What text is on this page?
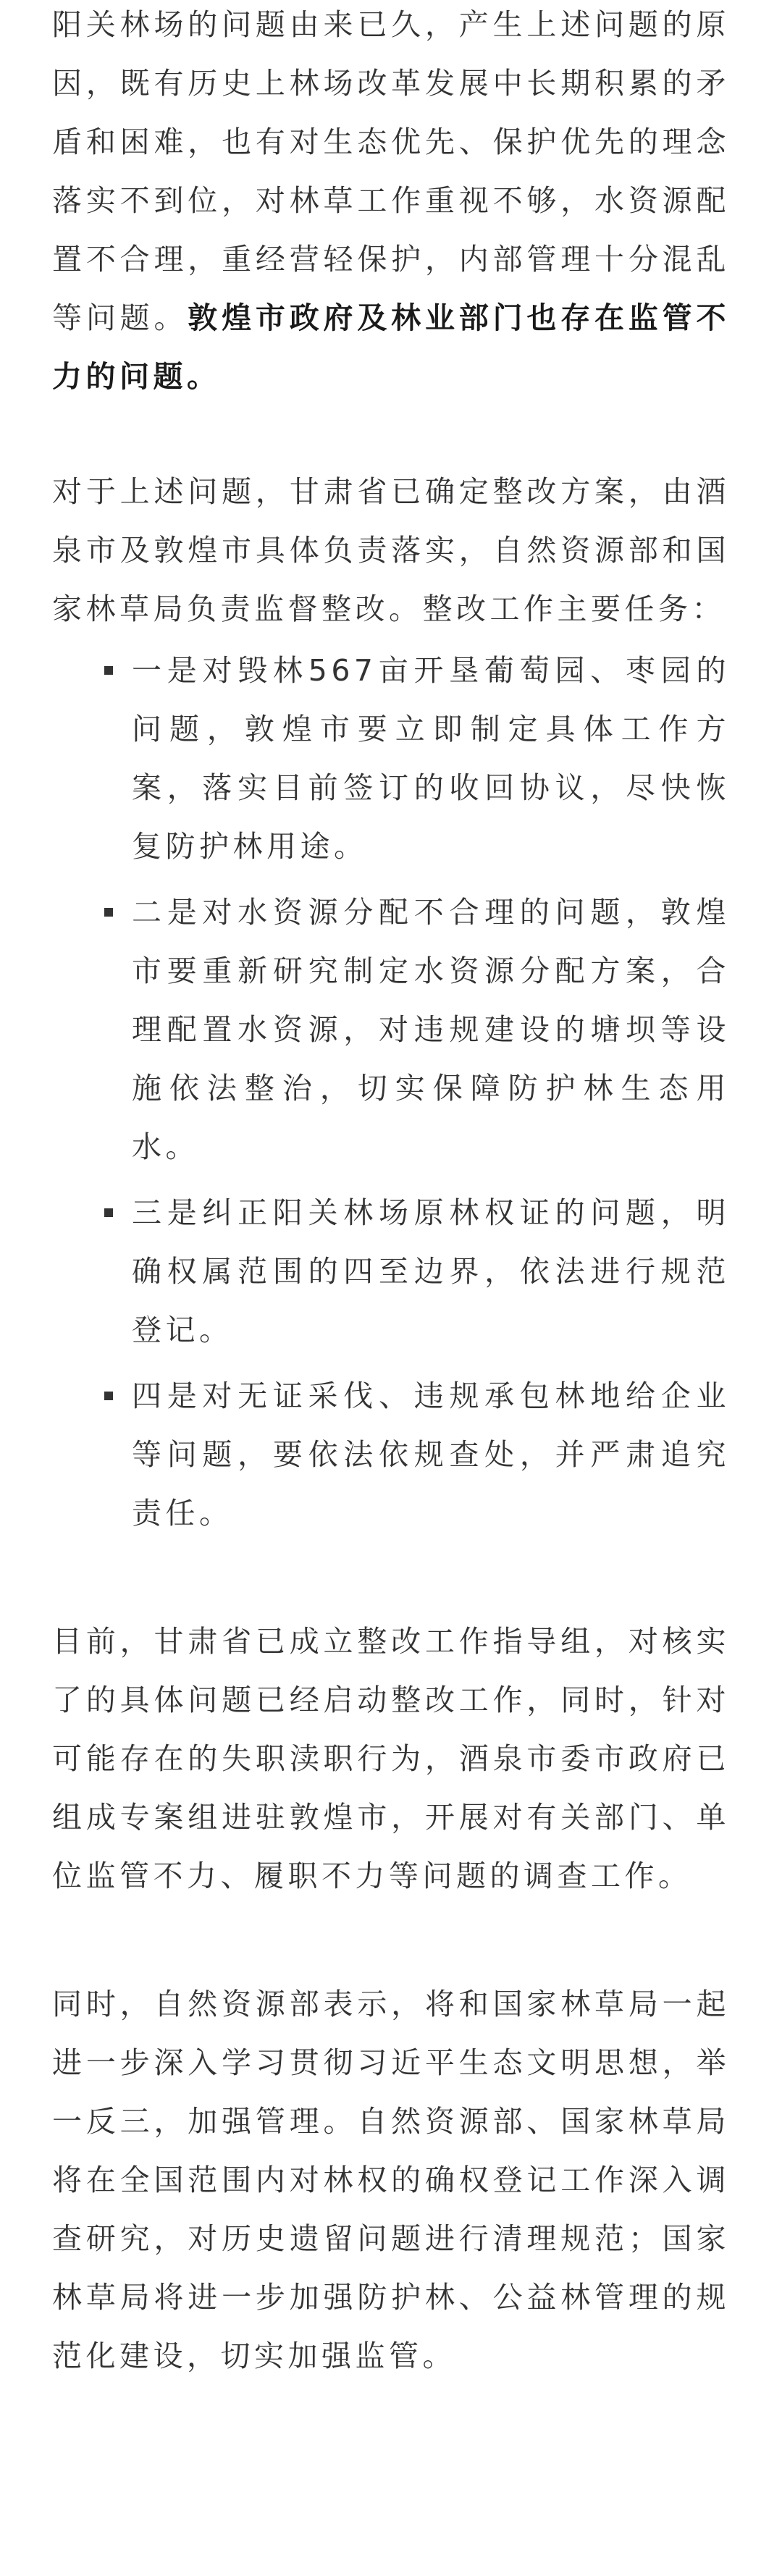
阳关林场的问题由来已久，产生上述问题的原因，既有历史上林场改革发展中长期积累的矛盾和困难，也有对生态优先、保护优先的理念落实不到位，对林草工作重视不够，水资源配置不合理，重经营轻保护，内部管理十分混乱等问题。敦煌市政府及林业部门也存在监管不力的问题。

对于上述问题，甘肃省已确定整改方案，由酒泉市及敦煌市具体负责落实，自然资源部和国家林草局负责监督整改。整改工作主要任务：

一是对毁林567亩开垦葡萄园、枣园的问题，敦煌市要立即制定具体工作方案，落实目前签订的收回协议，尽快恢复防护林用途。
二是对水资源分配不合理的问题，敦煌市要重新研究制定水资源分配方案，合理配置水资源，对违规建设的塘坝等设施依法整治，切实保障防护林生态用水。
三是纠正阳关林场原林权证的问题，明确权属范围的四至边界，依法进行规范登记。
四是对无证采伐、违规承包林地给企业等问题，要依法依规查处，并严肃追究责任。

目前，甘肃省已成立整改工作指导组，对核实了的具体问题已经启动整改工作，同时，针对可能存在的失职渎职行为，酒泉市委市政府已组成专案组进驻敦煌市，开展对有关部门、单位监管不力、履职不力等问题的调查工作。

同时，自然资源部表示，将和国家林草局一起进一步深入学习贯彻习近平生态文明思想，举一反三，加强管理。自然资源部、国家林草局将在全国范围内对林权的确权登记工作深入调查研究，对历史遗留问题进行清理规范；国家林草局将进一步加强防护林、公益林管理的规范化建设，切实加强监管。
